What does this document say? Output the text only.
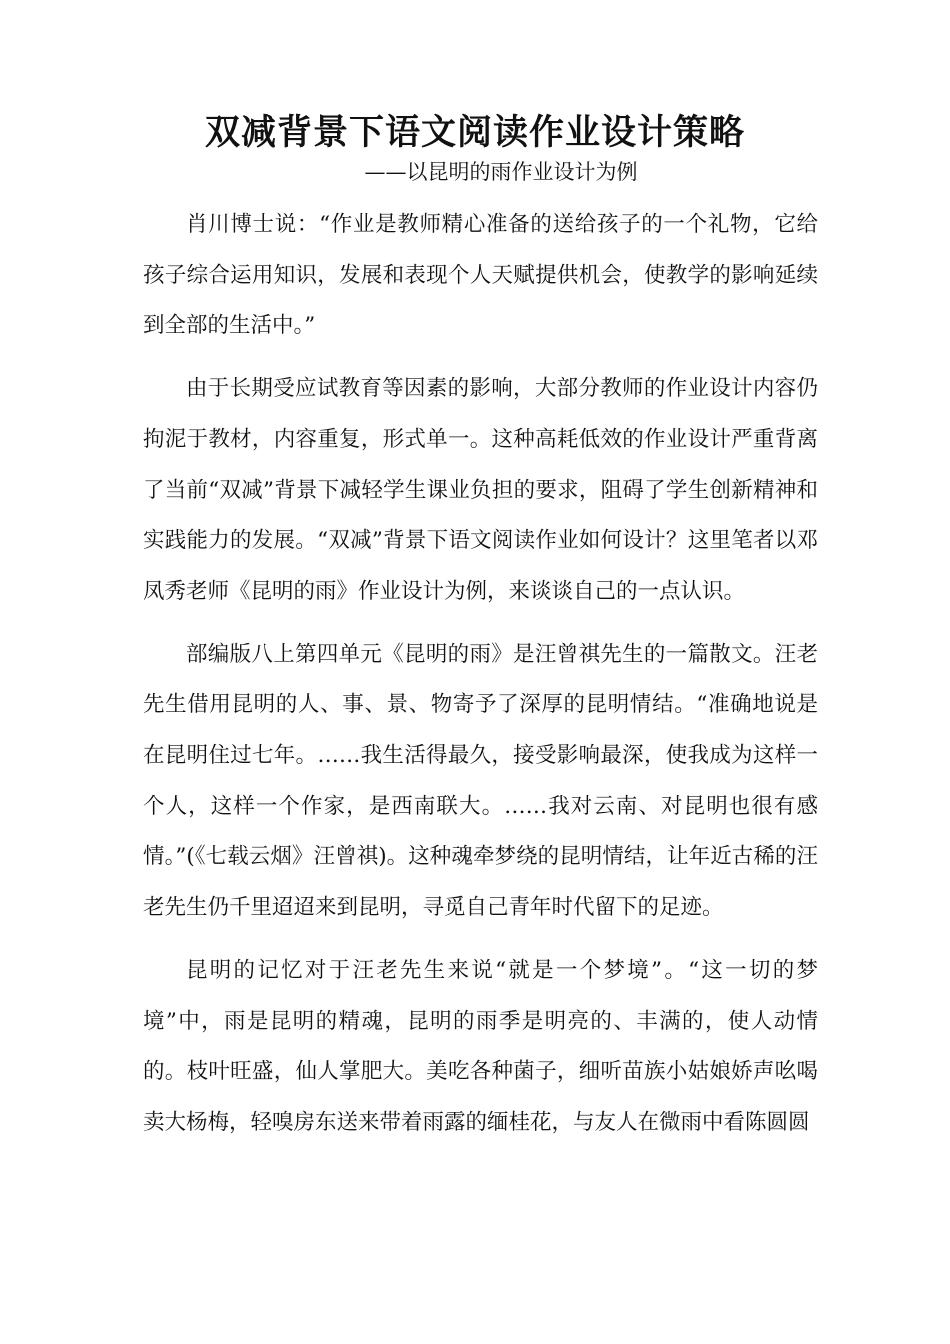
双减背景下语文阅读作业设计策略
——以昆明的雨作业设计为例

肖川博士说：“作业是教师精心准备的送给孩子的一个礼物，它给孩子综合运用知识，发展和表现个人天赋提供机会，使教学的影响延续到全部的生活中。”

由于长期受应试教育等因素的影响，大部分教师的作业设计内容仍拘泥于教材，内容重复，形式单一。这种高耗低效的作业设计严重背离了当前“双减”背景下减轻学生课业负担的要求，阻碍了学生创新精神和实践能力的发展。“双减”背景下语文阅读作业如何设计？这里笔者以邓凤秀老师《昆明的雨》作业设计为例，来谈谈自己的一点认识。

部编版八上第四单元《昆明的雨》是汪曾祺先生的一篇散文。汪老先生借用昆明的人、事、景、物寄予了深厚的昆明情结。“准确地说是在昆明住过七年。……我生活得最久，接受影响最深，使我成为这样一个人，这样一个作家，是西南联大。……我对云南、对昆明也很有感情。”(《七载云烟》汪曾祺)。这种魂牵梦绕的昆明情结，让年近古稀的汪老先生仍千里迢迢来到昆明，寻觅自己青年时代留下的足迹。

昆明的记忆对于汪老先生来说“就是一个梦境”。“这一切的梦境”中，雨是昆明的精魂，昆明的雨季是明亮的、丰满的，使人动情的。枝叶旺盛，仙人掌肥大。美吃各种菌子，细听苗族小姑娘娇声吆喝卖大杨梅，轻嗅房东送来带着雨露的缅桂花，与友人在微雨中看陈圆圆
